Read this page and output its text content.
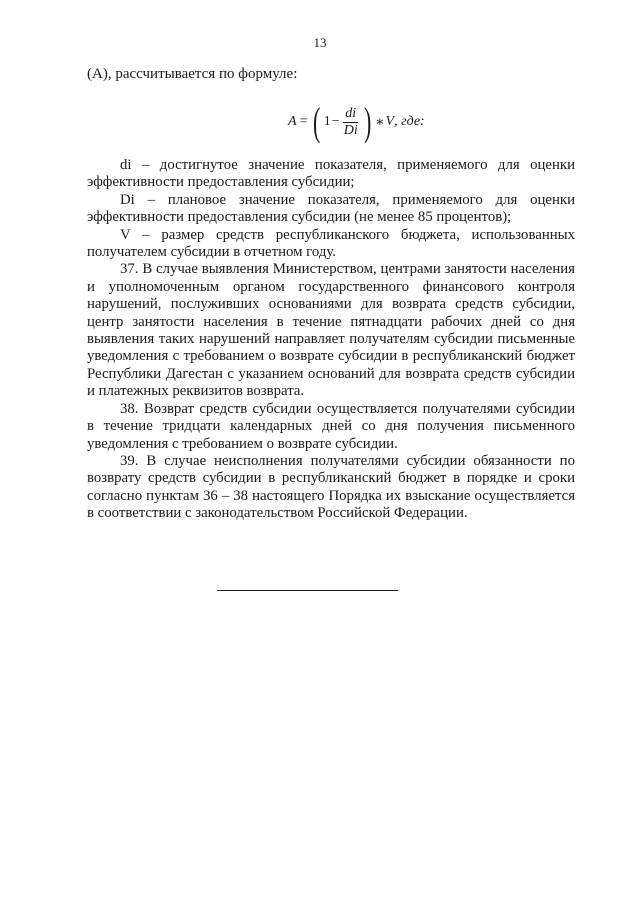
13
(А), рассчитывается по формуле:
A = ( $1 - \frac{di}{Di}$ ) ∗ V , где:

di – достигнутое значение показателя, применяемого для оценки эффективности предоставления субсидии;

Di – плановое значение показателя, применяемого для оценки эффективности предоставления субсидии (не менее 85 процентов);

V – размер средств республиканского бюджета, использованных получателем субсидии в отчетном году.

37. В случае выявления Министерством, центрами занятости населения и уполномоченным органом государственного финансового контроля нарушений, послуживших основаниями для возврата средств субсидии, центр занятости населения в течение пятнадцати рабочих дней со дня выявления таких нарушений направляет получателям субсидии письменные уведомления с требованием о возврате субсидии в республиканский бюджет Республики Дагестан с указанием оснований для возврата средств субсидии и платежных реквизитов возврата.

38. Возврат средств субсидии осуществляется получателями субсидии в течение тридцати календарных дней со дня получения письменного уведомления с требованием о возврате субсидии.

39. В случае неисполнения получателями субсидии обязанности по возврату средств субсидии в республиканский бюджет в порядке и сроки согласно пунктам 36 – 38 настоящего Порядка их взыскание осуществляется в соответствии с законодательством Российской Федерации.
